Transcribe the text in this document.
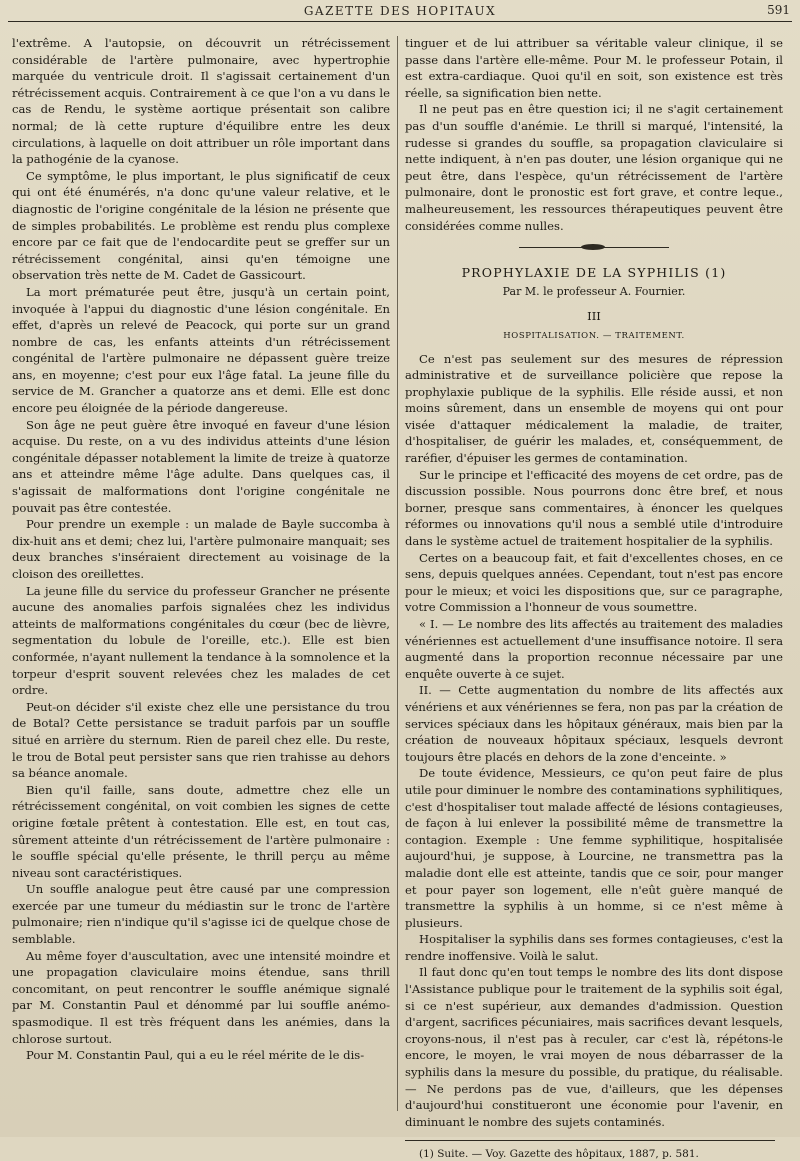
GAZETTE DES HOPITAUX	591

l'extrême. A l'autopsie, on découvrit un rétrécissement considérable de l'artère pulmonaire, avec hypertrophie marquée du ventricule droit. Il s'agissait certainement d'un rétrécissement acquis. Contrairement à ce que l'on a vu dans le cas de Rendu, le système aortique présentait son calibre normal; de là cette rupture d'équilibre entre les deux circulations, à laquelle on doit attribuer un rôle important dans la pathogénie de la cyanose.

Ce symptôme, le plus important, le plus significatif de ceux qui ont été énumérés, n'a donc qu'une valeur relative, et le diagnostic de l'origine congénitale de la lésion ne présente que de simples probabilités. Le problème est rendu plus complexe encore par ce fait que de l'endocardite peut se greffer sur un rétrécissement congénital, ainsi qu'en témoigne une observation très nette de M. Cadet de Gassicourt.

La mort prématurée peut être, jusqu'à un certain point, invoquée à l'appui du diagnostic d'une lésion congénitale. En effet, d'après un relevé de Peacock, qui porte sur un grand nombre de cas, les enfants atteints d'un rétrécissement congénital de l'artère pulmonaire ne dépassent guère treize ans, en moyenne; c'est pour eux l'âge fatal. La jeune fille du service de M. Grancher a quatorze ans et demi. Elle est donc encore peu éloignée de la période dangereuse.

Son âge ne peut guère être invoqué en faveur d'une lésion acquise. Du reste, on a vu des individus atteints d'une lésion congénitale dépasser notablement la limite de treize à quatorze ans et atteindre même l'âge adulte. Dans quelques cas, il s'agissait de malformations dont l'origine congénitale ne pouvait pas être contestée.

Pour prendre un exemple : un malade de Bayle succomba à dix-huit ans et demi; chez lui, l'artère pulmonaire manquait; ses deux branches s'inséraient directement au voisinage de la cloison des oreillettes.

La jeune fille du service du professeur Grancher ne présente aucune des anomalies parfois signalées chez les individus atteints de malformations congénitales du cœur (bec de lièvre, segmentation du lobule de l'oreille, etc.). Elle est bien conformée, n'ayant nullement la tendance à la somnolence et la torpeur d'esprit souvent relevées chez les malades de cet ordre.

Peut-on décider s'il existe chez elle une persistance du trou de Botal? Cette persistance se traduit parfois par un souffle situé en arrière du sternum. Rien de pareil chez elle. Du reste, le trou de Botal peut persister sans que rien trahisse au dehors sa béance anomale.

Bien qu'il faille, sans doute, admettre chez elle un rétrécissement congénital, on voit combien les signes de cette origine fœtale prêtent à contestation. Elle est, en tout cas, sûrement atteinte d'un rétrécissement de l'artère pulmonaire : le souffle spécial qu'elle présente, le thrill perçu au même niveau sont caractéristiques.

Un souffle analogue peut être causé par une compression exercée par une tumeur du médiastin sur le tronc de l'artère pulmonaire; rien n'indique qu'il s'agisse ici de quelque chose de semblable.

Au même foyer d'auscultation, avec une intensité moindre et une propagation claviculaire moins étendue, sans thrill concomitant, on peut rencontrer le souffle anémique signalé par M. Constantin Paul et dénommé par lui souffle anémo-spasmodique. Il est très fréquent dans les anémies, dans la chlorose surtout.

Pour M. Constantin Paul, qui a eu le réel mérite de le dis-

tinguer et de lui attribuer sa véritable valeur clinique, il se passe dans l'artère elle-même. Pour M. le professeur Potain, il est extra-cardiaque. Quoi qu'il en soit, son existence est très réelle, sa signification bien nette.

Il ne peut pas en être question ici; il ne s'agit certainement pas d'un souffle d'anémie. Le thrill si marqué, l'intensité, la rudesse si grandes du souffle, sa propagation claviculaire si nette indiquent, à n'en pas douter, une lésion organique qui ne peut être, dans l'espèce, qu'un rétrécissement de l'artère pulmonaire, dont le pronostic est fort grave, et contre leque., malheureusement, les ressources thérapeutiques peuvent être considérées comme nulles.

PROPHYLAXIE DE LA SYPHILIS (1)
Par M. le professeur A. Fournier.
III
HOSPITALISATION. — TRAITEMENT.

Ce n'est pas seulement sur des mesures de répression administrative et de surveillance policière que repose la prophylaxie publique de la syphilis. Elle réside aussi, et non moins sûrement, dans un ensemble de moyens qui ont pour visée d'attaquer médicalement la maladie, de traiter, d'hospitaliser, de guérir les malades, et, conséquemment, de raréfier, d'épuiser les germes de contamination.

Sur le principe et l'efficacité des moyens de cet ordre, pas de discussion possible. Nous pourrons donc être bref, et nous borner, presque sans commentaires, à énoncer les quelques réformes ou innovations qu'il nous a semblé utile d'introduire dans le système actuel de traitement hospitalier de la syphilis.

Certes on a beaucoup fait, et fait d'excellentes choses, en ce sens, depuis quelques années. Cependant, tout n'est pas encore pour le mieux; et voici les dispositions que, sur ce paragraphe, votre Commission a l'honneur de vous soumettre.

« I. — Le nombre des lits affectés au traitement des maladies vénériennes est actuellement d'une insuffisance notoire. Il sera augmenté dans la proportion reconnue nécessaire par une enquête ouverte à ce sujet.

II. — Cette augmentation du nombre de lits affectés aux vénériens et aux vénériennes se fera, non pas par la création de services spéciaux dans les hôpitaux généraux, mais bien par la création de nouveaux hôpitaux spéciaux, lesquels devront toujours être placés en dehors de la zone d'enceinte. »

De toute évidence, Messieurs, ce qu'on peut faire de plus utile pour diminuer le nombre des contaminations syphilitiques, c'est d'hospitaliser tout malade affecté de lésions contagieuses, de façon à lui enlever la possibilité même de transmettre la contagion. Exemple : Une femme syphilitique, hospitalisée aujourd'hui, je suppose, à Lourcine, ne transmettra pas la maladie dont elle est atteinte, tandis que ce soir, pour manger et pour payer son logement, elle n'eût guère manqué de transmettre la syphilis à un homme, si ce n'est même à plusieurs.

Hospitaliser la syphilis dans ses formes contagieuses, c'est la rendre inoffensive. Voilà le salut.

Il faut donc qu'en tout temps le nombre des lits dont dispose l'Assistance publique pour le traitement de la syphilis soit égal, si ce n'est supérieur, aux demandes d'admission. Question d'argent, sacrifices pécuniaires, mais sacrifices devant lesquels, croyons-nous, il n'est pas à reculer, car c'est là, répétons-le encore, le moyen, le vrai moyen de nous débarrasser de la syphilis dans la mesure du possible, du pratique, du réalisable. — Ne perdons pas de vue, d'ailleurs, que les dépenses d'aujourd'hui constitueront une économie pour l'avenir, en diminuant le nombre des sujets contaminés.

(1) Suite. — Voy. Gazette des hôpitaux, 1887, p. 581.
